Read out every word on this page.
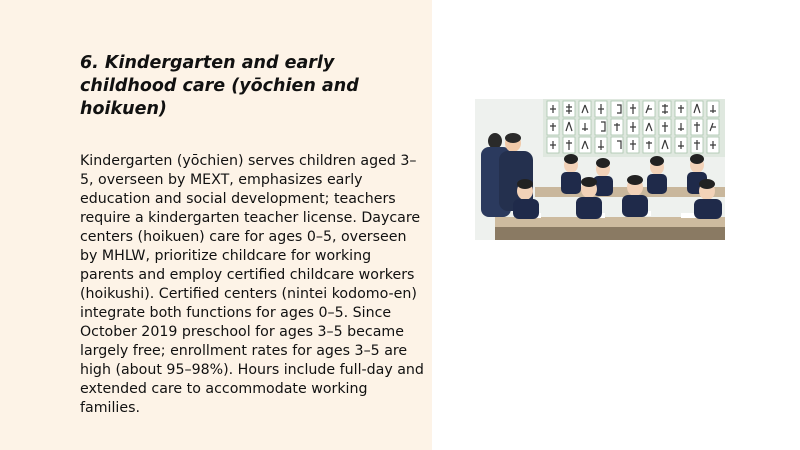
6. Kindergarten and early childhood care (yōchien and hoikuen)

Kindergarten (yōchien) serves children aged 3–5, overseen by MEXT, emphasizes early education and social development; teachers require a kindergarten teacher license. Daycare centers (hoikuen) care for ages 0–5, overseen by MHLW, prioritize childcare for working parents and employ certified childcare workers (hoikushi). Certified centers (nintei kodomo-en) integrate both functions for ages 0–5. Since October 2019 preschool for ages 3–5 became largely free; enrollment rates for ages 3–5 are high (about 95–98%). Hours include full-day and extended care to accommodate working families.
